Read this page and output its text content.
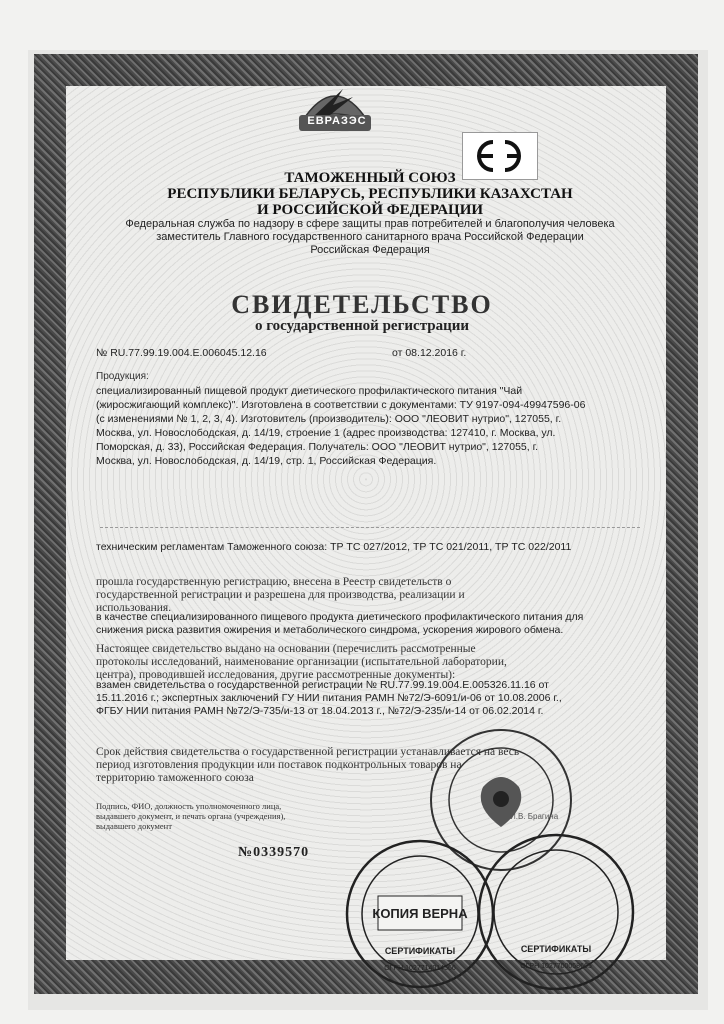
ЕВРАЗЭС
ТАМОЖЕННЫЙ СОЮЗ
РЕСПУБЛИКИ БЕЛАРУСЬ, РЕСПУБЛИКИ КАЗАХСТАН
И РОССИЙСКОЙ ФЕДЕРАЦИИ
Федеральная служба по надзору в сфере защиты прав потребителей и благополучия человека
заместитель Главного государственного санитарного врача Российской Федерации
Российская Федерация
СВИДЕТЕЛЬСТВО
о государственной регистрации
№ RU.77.99.19.004.E.006045.12.16	от 08.12.2016 г.
Продукция:
специализированный пищевой продукт диетического профилактического питания "Чай
(жиросжигающий комплекс)". Изготовлена в соответствии с документами: ТУ 9197-094-49947596-06
(с изменениями № 1, 2, 3, 4). Изготовитель (производитель): ООО "ЛЕОВИТ нутрио", 127055, г.
Москва, ул. Новослободская, д. 14/19, строение 1 (адрес производства: 127410, г. Москва, ул.
Поморская, д. 33), Российская Федерация. Получатель: ООО "ЛЕОВИТ нутрио", 127055, г.
Москва, ул. Новослободская, д. 14/19, стр. 1, Российская Федерация.
техническим регламентам Таможенного союза: ТР ТС 027/2012, ТР ТС 021/2011, ТР ТС 022/2011
прошла государственную регистрацию, внесена в Реестр свидетельств о
государственной регистрации и разрешена для производства, реализации и
использования.
в качестве специализированного пищевого продукта диетического профилактического питания для
снижения риска развития ожирения и метаболического синдрома, ускорения жирового обмена.
Настоящее свидетельство выдано на основании (перечислить рассмотренные
протоколы исследований, наименование организации (испытательной лаборатории,
центра), проводившей исследования, другие рассмотренные документы):
взамен свидетельства о государственной регистрации № RU.77.99.19.004.E.005326.11.16 от
15.11.2016 г.; экспертных заключений ГУ НИИ питания РАМН №72/Э-6091/и-06 от 10.08.2006 г.,
ФГБУ НИИ питания РАМН №72/Э-735/и-13 от 18.04.2013 г., №72/Э-235/и-14 от 06.02.2014 г.
Срок действия свидетельства о государственной регистрации устанавливается на весь
период изготовления продукции или поставок подконтрольных товаров на
территорию таможенного союза
Подпись, ФИО, должность уполномоченного лица,
выдавшего документ, и печать органа (учреждения),
выдавшего документ
№0339570
И.В. Брагина
КОПИЯ ВЕРНА
СЕРТИФИКАТЫ
ОГРН 1027714014566
СЕРТИФИКАТЫ
ОГРН 1027700058665
